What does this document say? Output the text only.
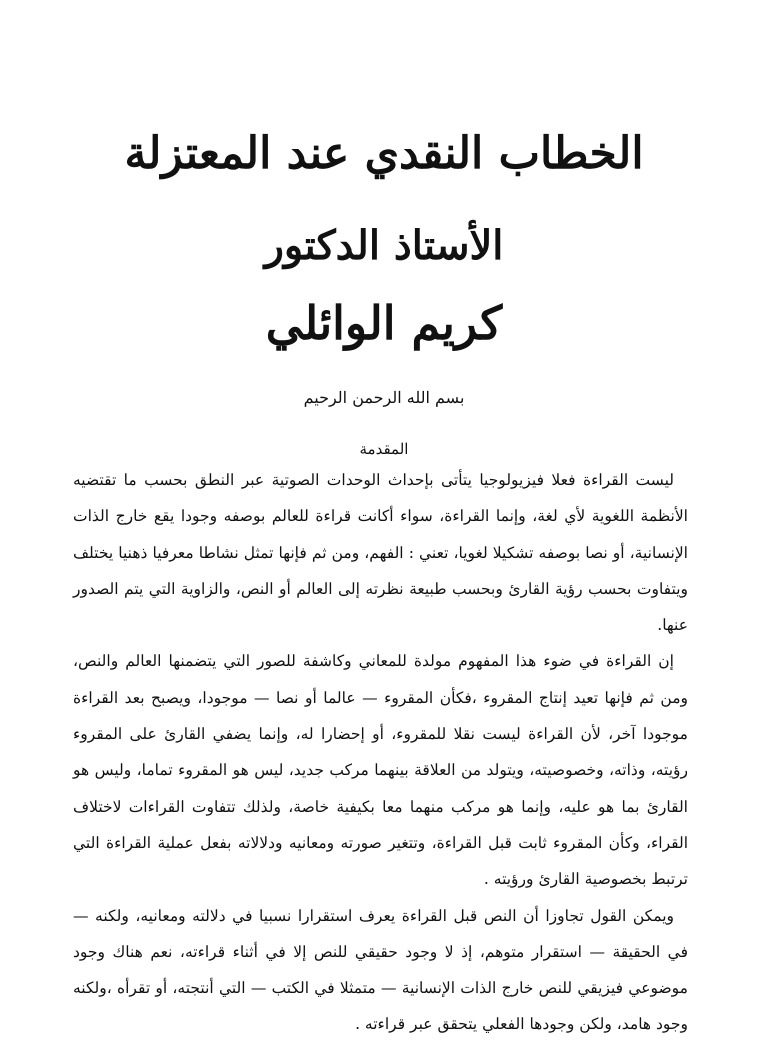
الخطاب النقدي عند المعتزلة
الأستاذ الدكتور
كريم الوائلي
بسم الله الرحمن الرحيم
المقدمة

ليست القراءة فعلا فيزيولوجيا يتأتى بإحداث الوحدات الصوتية عبر النطق بحسب ما تقتضيه الأنظمة اللغوية لأي لغة، وإنما القراءة، سواء أكانت قراءة للعالم بوصفه وجودا يقع خارج الذات الإنسانية، أو نصا بوصفه تشكيلا لغويا، تعني : الفهم، ومن ثم فإنها تمثل نشاطا معرفيا ذهنيا يختلف ويتفاوت بحسب رؤية القارئ وبحسب طبيعة نظرته إلى العالم أو النص، والزاوية التي يتم الصدور عنها.

إن القراءة في ضوء هذا المفهوم مولدة للمعاني وكاشفة للصور التي يتضمنها العالم والنص، ومن ثم فإنها تعيد إنتاج المقروء ،فكأن المقروء — عالما أو نصا — موجودا، ويصبح بعد القراءة موجودا آخر، لأن القراءة ليست نقلا للمقروء، أو إحضارا له، وإنما يضفي القارئ على المقروء رؤيته، وذاته، وخصوصيته، ويتولد من العلاقة بينهما مركب جديد، ليس هو المقروء تماما، وليس هو القارئ بما هو عليه، وإنما هو مركب منهما معا بكيفية خاصة، ولذلك تتفاوت القراءات لاختلاف القراء، وكأن المقروء ثابت قبل القراءة، وتتغير صورته ومعانيه ودلالاته بفعل عملية القراءة التي ترتبط بخصوصية القارئ ورؤيته .

ويمكن القول تجاوزا أن النص قبل القراءة يعرف استقرارا نسبيا في دلالته ومعانيه، ولكنه — في الحقيقة — استقرار متوهم، إذ لا وجود حقيقي للنص إلا في أثناء قراءته، نعم هناك وجود موضوعي فيزيقي للنص خارج الذات الإنسانية — متمثلا في الكتب — التي أنتجته، أو تقرأه ،ولكنه وجود هامد، ولكن وجودها الفعلي يتحقق عبر قراءته .
